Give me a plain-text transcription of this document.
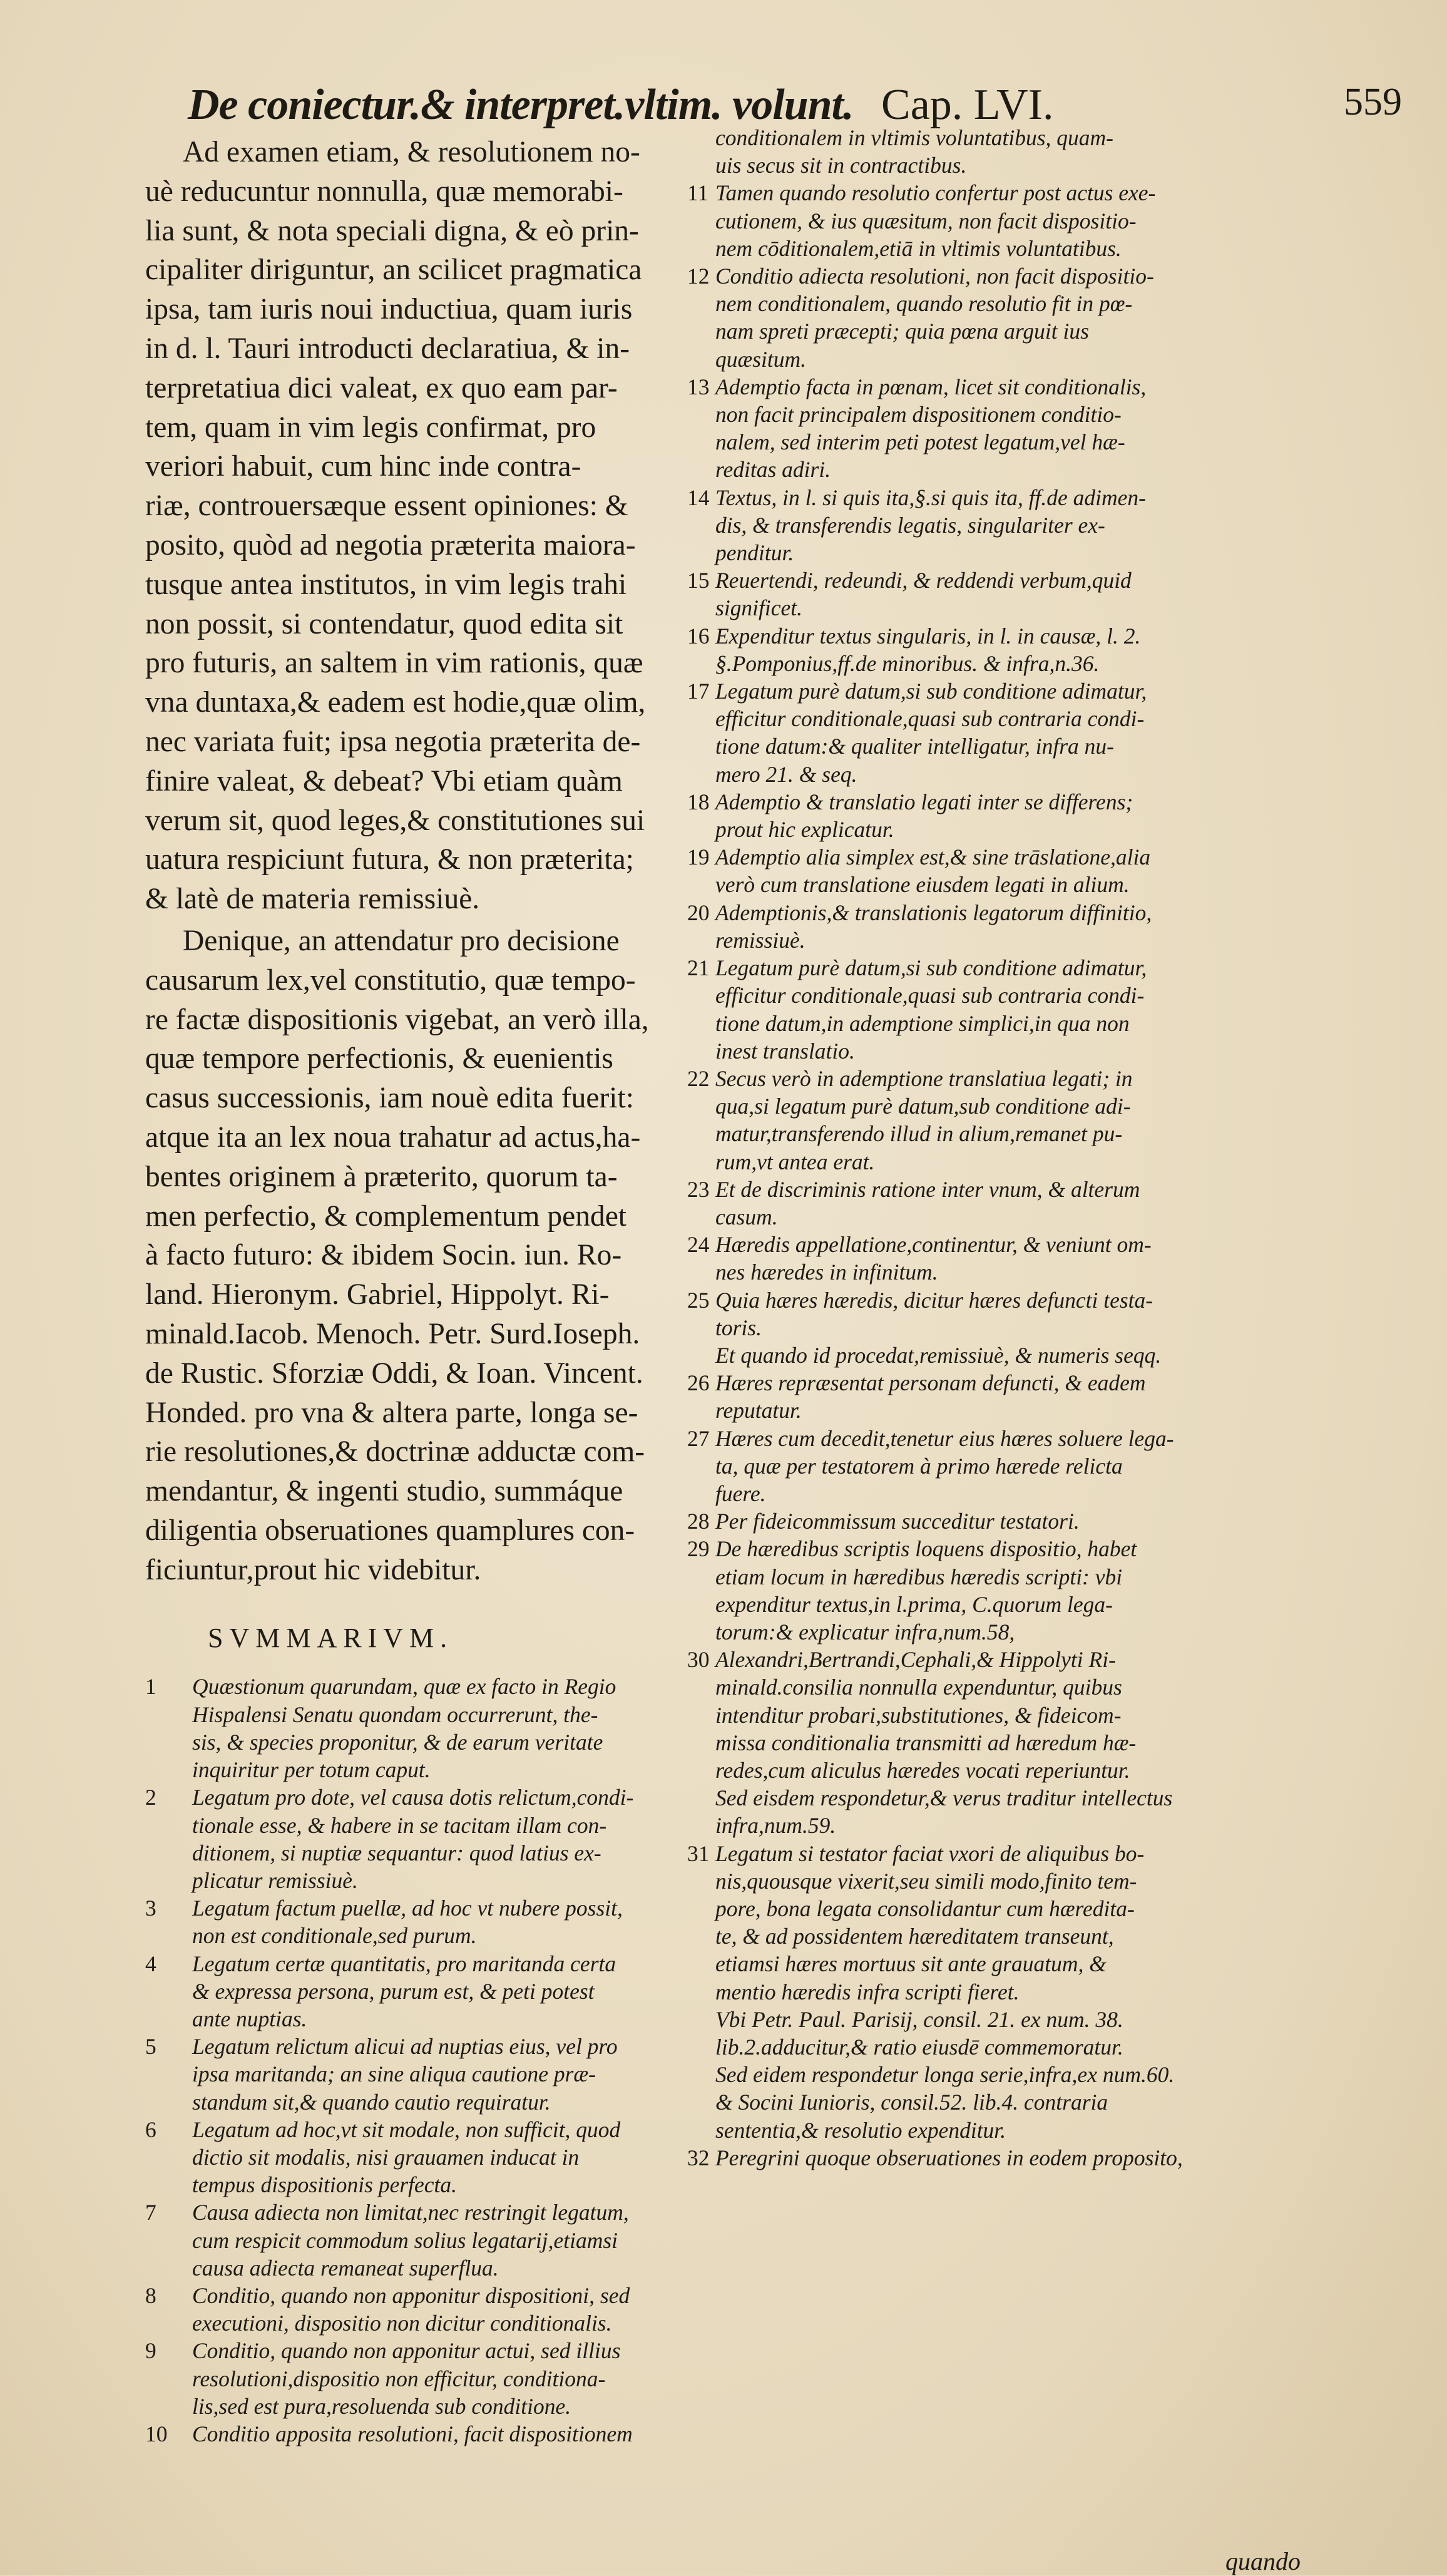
De coniectur.& interpret.vltim. volunt. Cap. LVI.	559
Ad examen etiam, & resolutionem no-
uè reducuntur nonnulla, quæ memorabi-
lia sunt, & nota speciali digna, & eò prin-
cipaliter diriguntur, an scilicet pragmatica
ipsa, tam iuris noui inductiua, quam iuris
in d. l. Tauri introducti declaratiua, & in-
terpretatiua dici valeat, ex quo eam par-
tem, quam in vim legis confirmat, pro
veriori habuit, cum hinc inde contra-
riæ, controuersæque essent opiniones: &
posito, quòd ad negotia præterita maiora-
tusque antea institutos, in vim legis trahi
non possit, si contendatur, quod edita sit
pro futuris, an saltem in vim rationis, quæ
vna duntaxa,& eadem est hodie,quæ olim,
nec variata fuit; ipsa negotia præterita de-
finire valeat, & debeat? Vbi etiam quàm
verum sit, quod leges,& constitutiones sui
uatura respiciunt futura, & non præterita;
& latè de materia remissiuè.
Denique, an attendatur pro decisione
causarum lex,vel constitutio, quæ tempo-
re factæ dispositionis vigebat, an verò illa,
quæ tempore perfectionis, & euenientis
casus successionis, iam nouè edita fuerit:
atque ita an lex noua trahatur ad actus,ha-
bentes originem à præterito, quorum ta-
men perfectio, & complementum pendet
à facto futuro: & ibidem Socin. iun. Ro-
land. Hieronym. Gabriel, Hippolyt. Ri-
minald.Iacob. Menoch. Petr. Surd.Ioseph.
de Rustic. Sforziæ Oddi, & Ioan. Vincent.
Honded. pro vna & altera parte, longa se-
rie resolutiones,& doctrinæ adductæ com-
mendantur, & ingenti studio, summáque
diligentia obseruationes quamplures con-
ficiuntur,prout hic videbitur.
SVMMARIVM.
1 Quæstionum quarundam, quæ ex facto in Regio
Hispalensi Senatu quondam occurrerunt, the-
sis, & species proponitur, & de earum veritate
inquiritur per totum caput.
2 Legatum pro dote, vel causa dotis relictum,condi-
tionale esse, & habere in se tacitam illam con-
ditionem, si nuptiæ sequantur: quod latius ex-
plicatur remissiuè.
3 Legatum factum puellæ, ad hoc vt nubere possit,
non est conditionale,sed purum.
4 Legatum certæ quantitatis, pro maritanda certa
& expressa persona, purum est, & peti potest
ante nuptias.
5 Legatum relictum alicui ad nuptias eius, vel pro
ipsa maritanda; an sine aliqua cautione præ-
standum sit,& quando cautio requiratur.
6 Legatum ad hoc,vt sit modale, non sufficit, quod
dictio sit modalis, nisi grauamen inducat in
tempus dispositionis perfecta.
7 Causa adiecta non limitat,nec restringit legatum,
cum respicit commodum solius legatarij,etiamsi
causa adiecta remaneat superflua.
8 Conditio, quando non apponitur dispositioni, sed
executioni, dispositio non dicitur conditionalis.
9 Conditio, quando non apponitur actui, sed illius
resolutioni,dispositio non efficitur, conditiona-
lis,sed est pura,resoluenda sub conditione.
10 Conditio apposita resolutioni, facit dispositionem
conditionalem in vltimis voluntatibus, quam-
uis secus sit in contractibus.
11 Tamen quando resolutio confertur post actus exe-
cutionem, & ius quæsitum, non facit dispositio-
nem cōditionalem,etiā in vltimis voluntatibus.
12 Conditio adiecta resolutioni, non facit dispositio-
nem conditionalem, quando resolutio fit in pœ-
nam spreti præcepti; quia pœna arguit ius
quæsitum.
13 Ademptio facta in pœnam, licet sit conditionalis,
non facit principalem dispositionem conditio-
nalem, sed interim peti potest legatum,vel hæ-
reditas adiri.
14 Textus, in l. si quis ita,§.si quis ita, ff.de adimen-
dis, & transferendis legatis, singulariter ex-
penditur.
15 Reuertendi, redeundi, & reddendi verbum,quid
significet.
16 Expenditur textus singularis, in l. in causæ, l. 2.
§.Pomponius,ff.de minoribus. & infra,n.36.
17 Legatum purè datum,si sub conditione adimatur,
efficitur conditionale,quasi sub contraria condi-
tione datum:& qualiter intelligatur, infra nu-
mero 21. & seq.
18 Ademptio & translatio legati inter se differens;
prout hic explicatur.
19 Ademptio alia simplex est,& sine trāslatione,alia
verò cum translatione eiusdem legati in alium.
20 Ademptionis,& translationis legatorum diffinitio,
remissiuè.
21 Legatum purè datum,si sub conditione adimatur,
efficitur conditionale,quasi sub contraria condi-
tione datum,in ademptione simplici,in qua non
inest translatio.
22 Secus verò in ademptione translatiua legati; in
qua,si legatum purè datum,sub conditione adi-
matur,transferendo illud in alium,remanet pu-
rum,vt antea erat.
23 Et de discriminis ratione inter vnum, & alterum
casum.
24 Hæredis appellatione,continentur, & veniunt om-
nes hæredes in infinitum.
25 Quia hæres hæredis, dicitur hæres defuncti testa-
toris.
Et quando id procedat,remissiuè, & numeris seqq.
26 Hæres repræsentat personam defuncti, & eadem
reputatur.
27 Hæres cum decedit,tenetur eius hæres soluere lega-
ta, quæ per testatorem à primo hærede relicta
fuere.
28 Per fideicommissum succeditur testatori.
29 De hæredibus scriptis loquens dispositio, habet
etiam locum in hæredibus hæredis scripti: vbi
expenditur textus,in l.prima, C.quorum lega-
torum:& explicatur infra,num.58,
30 Alexandri,Bertrandi,Cephali,& Hippolyti Ri-
minald.consilia nonnulla expenduntur, quibus
intenditur probari,substitutiones, & fideicom-
missa conditionalia transmitti ad hæredum hæ-
redes,cum aliculus hæredes vocati reperiuntur.
Sed eisdem respondetur,& verus traditur intellectus
infra,num.59.
31 Legatum si testator faciat vxori de aliquibus bo-
nis,quousque vixerit,seu simili modo,finito tem-
pore, bona legata consolidantur cum hæredita-
te, & ad possidentem hæreditatem transeunt,
etiamsi hæres mortuus sit ante grauatum, &
mentio hæredis infra scripti fieret.
Vbi Petr. Paul. Parisij, consil. 21. ex num. 38.
lib.2.adducitur,& ratio eiusdē commemoratur.
Sed eidem respondetur longa serie,infra,ex num.60.
& Socini Iunioris, consil.52. lib.4. contraria
sententia,& resolutio expenditur.
32 Peregrini quoque obseruationes in eodem proposito,
quando
